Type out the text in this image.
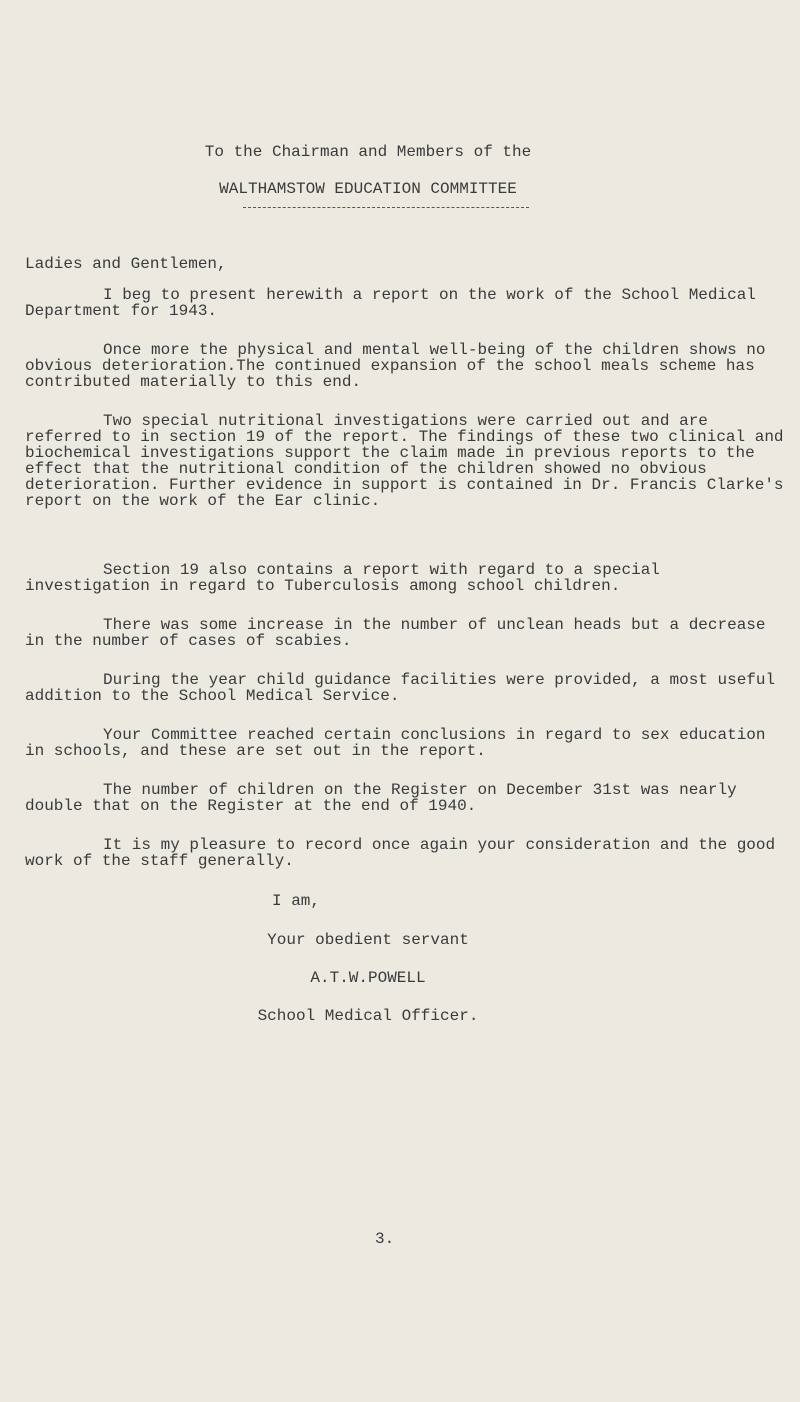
To the Chairman and Members of the
WALTHAMSTOW EDUCATION COMMITTEE
Ladies and Gentlemen,

I beg to present herewith a report on the work of the School Medical Department for 1943.

Once more the physical and mental well-being of the children shows no obvious deterioration.The continued expansion of the school meals scheme has contributed materially to this end.

Two special nutritional investigations were carried out and are referred to in section 19 of the report. The findings of these two clinical and biochemical investigations support the claim made in previous reports to the effect that the nutritional condition of the children showed no obvious deterioration. Further evidence in support is contained in Dr. Francis Clarke's report on the work of the Ear clinic.

Section 19 also contains a report with regard to a special investigation in regard to Tuberculosis among school children.

There was some increase in the number of unclean heads but a decrease in the number of cases of scabies.

During the year child guidance facilities were provided, a most useful addition to the School Medical Service.

Your Committee reached certain conclusions in regard to sex education in schools, and these are set out in the report.

The number of children on the Register on December 31st was nearly double that on the Register at the end of 1940.

It is my pleasure to record once again your consideration and the good work of the staff generally.

I am,
Your obedient servant
A.T.W.POWELL
School Medical Officer.
3.
